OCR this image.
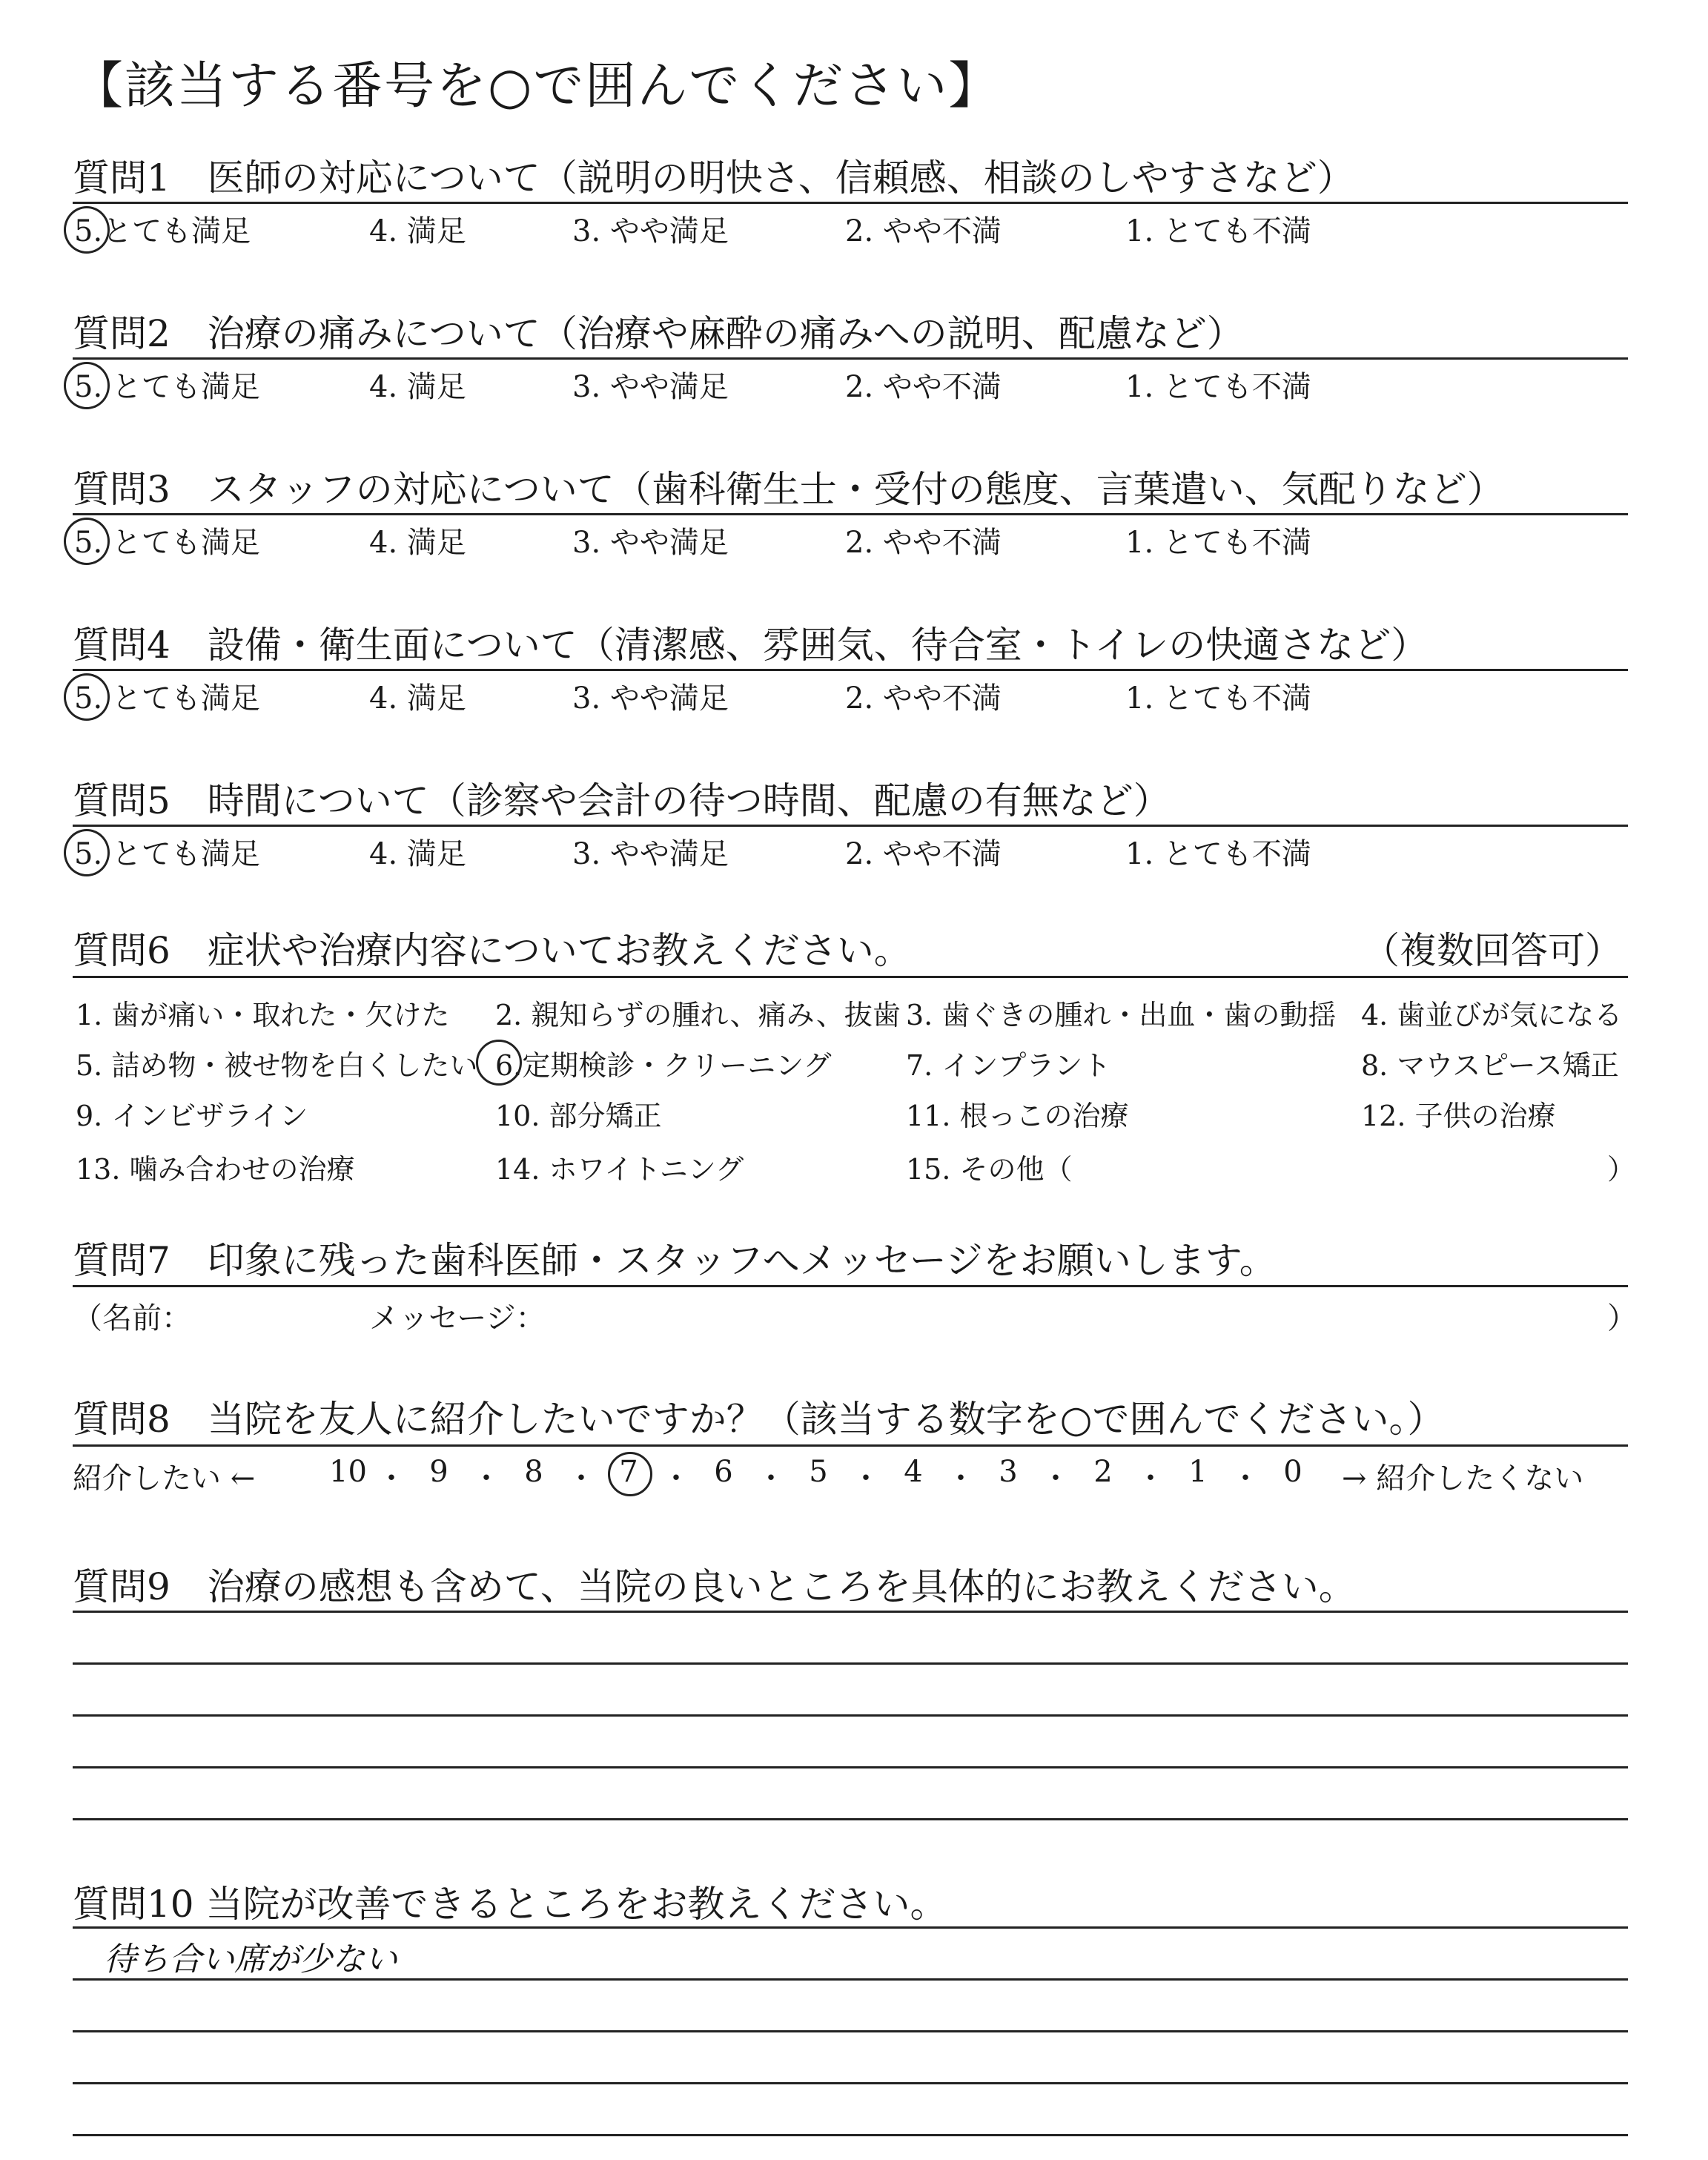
【該当する番号を○で囲んでください】
質問1　医師の対応について（説明の明快さ、信頼感、相談のしやすさなど）
5.とても満足	4. 満足	3. やや満足	2. やや不満	1. とても不満
質問2　治療の痛みについて（治療や麻酔の痛みへの説明、配慮など）
5. とても満足	4. 満足	3. やや満足	2. やや不満	1. とても不満
質問3　スタッフの対応について（歯科衛生士・受付の態度、言葉遣い、気配りなど）
5. とても満足	4. 満足	3. やや満足	2. やや不満	1. とても不満
質問4　設備・衛生面について（清潔感、雰囲気、待合室・トイレの快適さなど）
5. とても満足	4. 満足	3. やや満足	2. やや不満	1. とても不満
質問5　時間について（診察や会計の待つ時間、配慮の有無など）
5. とても満足	4. 満足	3. やや満足	2. やや不満	1. とても不満
質問6　症状や治療内容についてお教えください。	（複数回答可）
1. 歯が痛い・取れた・欠けた 2. 親知らずの腫れ、痛み、抜歯 3. 歯ぐきの腫れ・出血・歯の動揺 4. 歯並びが気になる
5. 詰め物・被せ物を白くしたい 6.定期検診・クリーニング	7. インプラント	8. マウスピース矯正
9. インビザライン	10. 部分矯正	11. 根っこの治療	12. 子供の治療
13. 噛み合わせの治療	14. ホワイトニング	15. その他（	）
質問7　印象に残った歯科医師・スタッフへメッセージをお願いします。
（名前：	メッセージ：	）
質問8　当院を友人に紹介したいですか？（該当する数字を○で囲んでください。）
紹介したい ← 10 ・ 9 ・ 8 ・ 7 ・ 6 ・ 5 ・ 4 ・ 3 ・ 2 ・ 1 ・ 0 → 紹介したくない
質問9　治療の感想も含めて、当院の良いところを具体的にお教えください。
質問10 当院が改善できるところをお教えください。
待ち合い席が少ない
